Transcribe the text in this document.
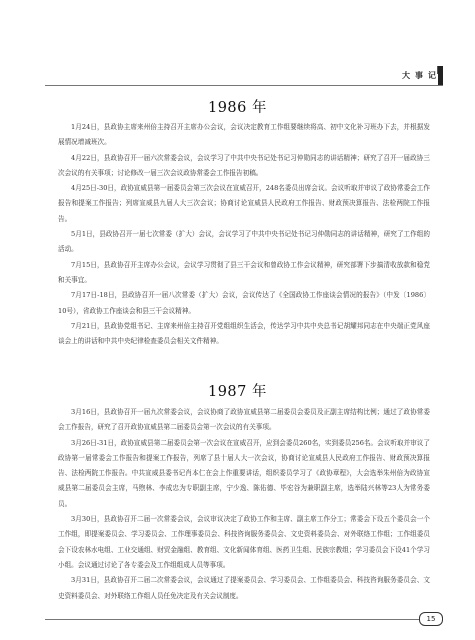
大事记
1986 年

1月24日，县政协主席来州倍主持召开主席办公会议，会议决定教育工作组要继续将高、初中文化补习班办下去，并根据发展情况增减班次。

4月22日，县政协召开一届六次常委会议，会议学习了中共中央书记处书记习仲勋同志的讲话精神；研究了召开一届政协三次会议的有关事项；讨论修改一届三次会议政协常委会工作报告初稿。

4月25日-30日，政协宣威县第一届委员会第三次会议在宣威召开，248名委员出席会议。会议听取并审议了政协常委会工作报告和提案工作报告；列席宣威县九届人大三次会议；协商讨论宣威县人民政府工作报告、财政预决算报告、法检两院工作报告。

5月1日，县政协召开一届七次常委（扩大）会议，会议学习了中共中央书记处书记习仲勋同志的讲话精神，研究了工作组的活动。

7月15日，县政协召开主席办公会议，会议学习贯彻了县三干会议和曾政协工作会议精神，研究部署下步搞清收放款和稳党和关事宜。

7月17日-18日，县政协召开一届八次常委（扩大）会议，会议传达了《全国政协工作座谈会情况的报告》（中发〔1986〕10号），省政协工作座谈会和县三干会议精神。

7月21日，县政协党组书记、主席来州倍主持召开党组组织生活会，传达学习中共中央总书记胡耀邦同志在中央端正党风座谈会上的讲话和中共中央纪律检查委员会相关文件精神。

1987 年

3月16日，县政协召开一届九次常委会议，会议协商了政协宣威县第二届委员会委员及正副主席结构比例；通过了政协常委会工作报告，研究了召开政协宣威县第二届委员会第一次会议的有关事项。

3月26日-31日，政协宣威县第二届委员会第一次会议在宣威召开，应到会委员260名，实到委员256名。会议听取并审议了政协第一届常委会工作报告和提案工作报告，列席了县十届人大一次会议，协商讨论宣威县人民政府工作报告、财政预决算报告、法检两院工作报告。中共宣威县委书记肖本仁在会上作重要讲话，组织委员学习了《政协章程》，大会选举朱州倍为政协宣威县第二届委员会主席，马煦林、李成忠为专职副主席，宁少逸、陈佑德、毕宏谷为兼职副主席，选举陆兴林等23人为常务委员。

3月30日，县政协召开二届一次常委会议，会议审议决定了政协工作和主席、副主席工作分工；常委会下设五个委员会一个工作组，即提案委员会、学习委员会、工作理事委员会、科技咨询服务委员会、文史资料委员会、对外联络工作组；工作组委员会下设农林水电组、工业交通组、财贸金融组、教育组、文化新闻体育组、医药卫生组、民族宗教组；学习委员会下设41个学习小组。会议通过讨论了各专委会及工作组组成人员等事项。

3月31日，县政协召开二届二次常委会议，会议通过了提案委员会、学习委员会、工作组委员会、科技咨询服务委员会、文史资料委员会、对外联络工作组人员任免决定及有关会议制度。

15
